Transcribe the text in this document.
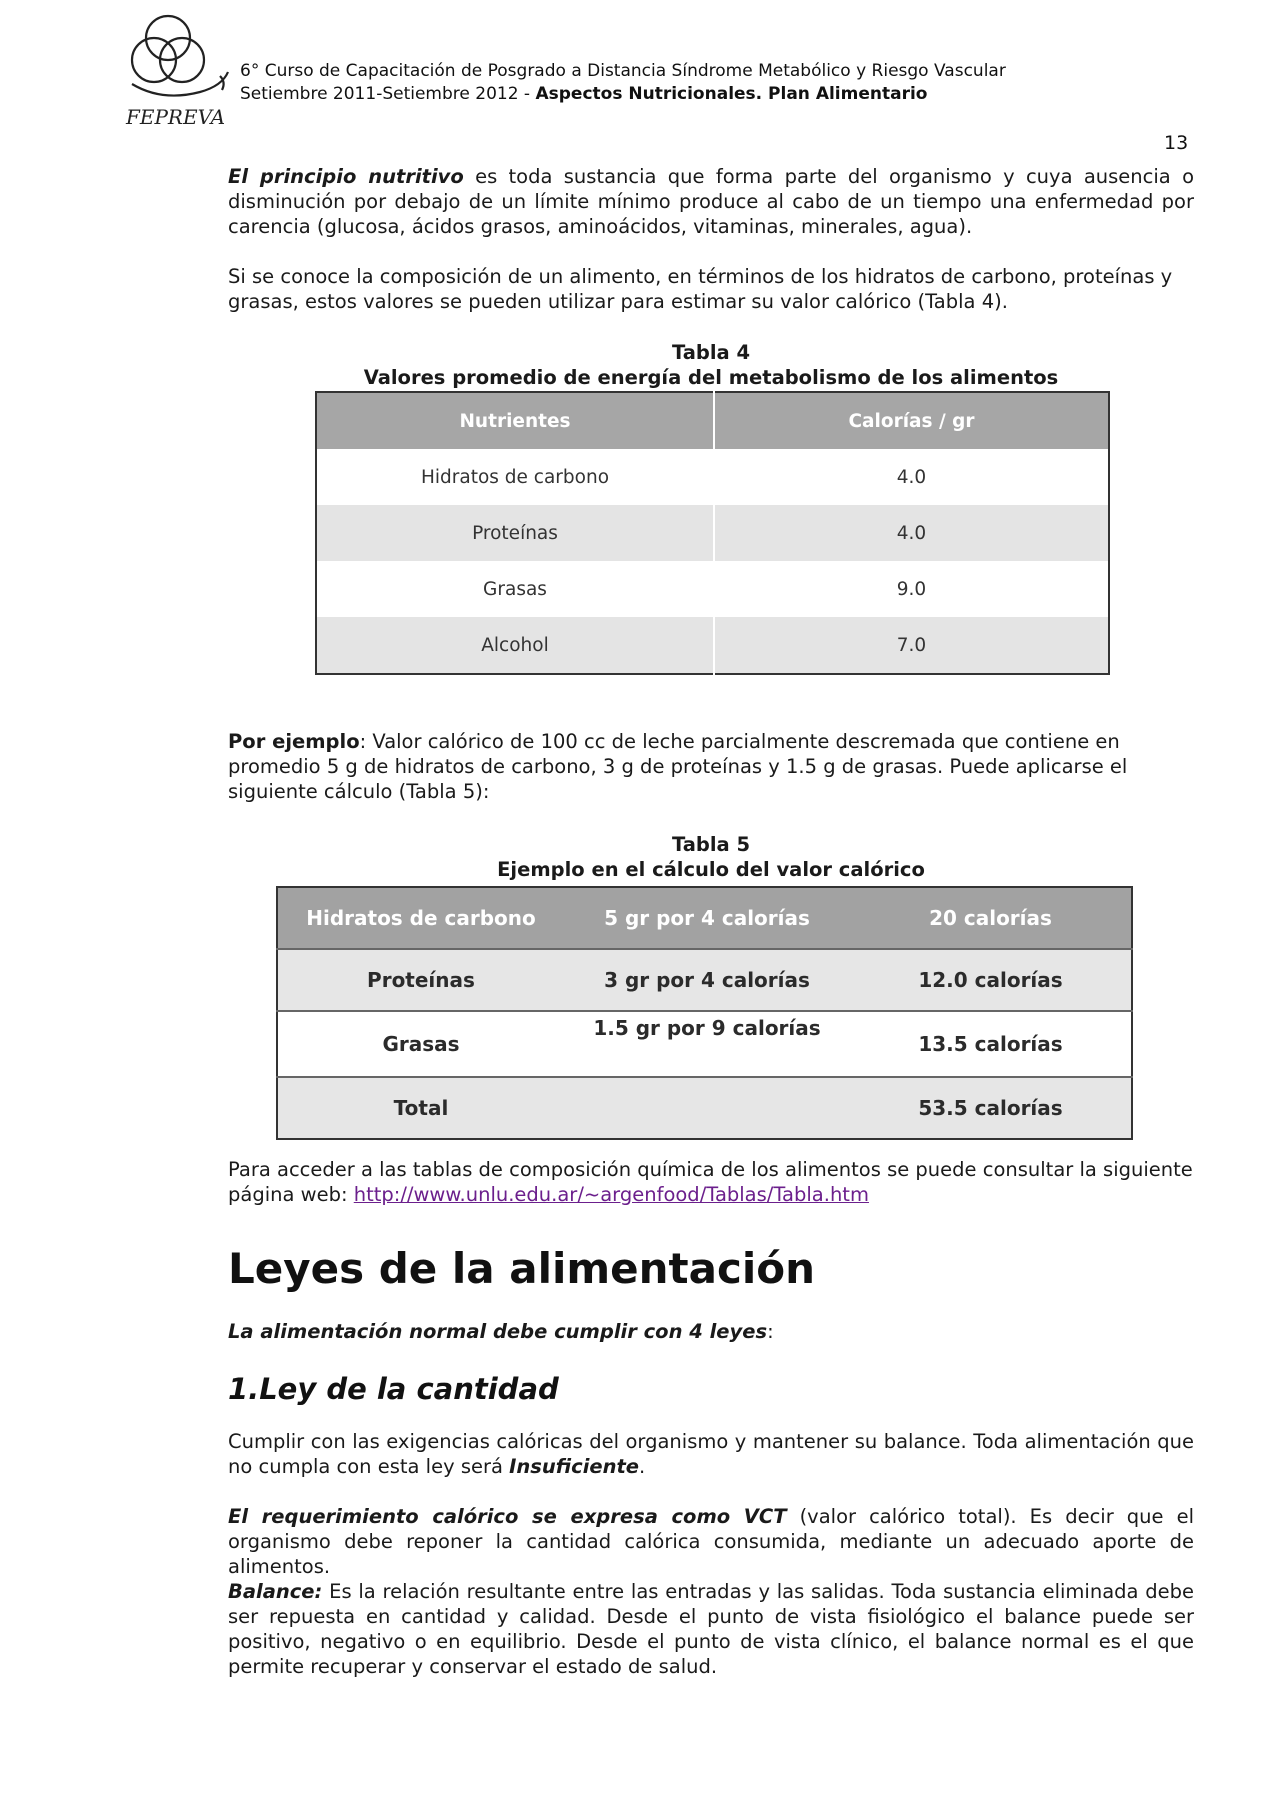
FEPREVA
6° Curso de Capacitación de Posgrado a Distancia Síndrome Metabólico y Riesgo Vascular
Setiembre 2011-Setiembre 2012 - Aspectos Nutricionales. Plan Alimentario
13

El principio nutritivo es toda sustancia que forma parte del organismo y cuya ausencia o disminución por debajo de un límite mínimo produce al cabo de un tiempo una enfermedad por carencia (glucosa, ácidos grasos, aminoácidos, vitaminas, minerales, agua).

Si se conoce la composición de un alimento, en términos de los hidratos de carbono, proteínas y grasas, estos valores se pueden utilizar para estimar su valor calórico (Tabla 4).

Tabla 4
Valores promedio de energía del metabolismo de los alimentos
Nutrientes	Calorías / gr
Hidratos de carbono	4.0
Proteínas	4.0
Grasas	9.0
Alcohol	7.0

Por ejemplo: Valor calórico de 100 cc de leche parcialmente descremada que contiene en promedio 5 g de hidratos de carbono, 3 g de proteínas y 1.5 g de grasas. Puede aplicarse el siguiente cálculo (Tabla 5):

Tabla 5
Ejemplo en el cálculo del valor calórico
Hidratos de carbono	5 gr por 4 calorías	20 calorías
Proteínas	3 gr por 4 calorías	12.0 calorías
Grasas	1.5 gr por 9 calorías	13.5 calorías
Total		53.5 calorías

Para acceder a las tablas de composición química de los alimentos se puede consultar la siguiente página web: http://www.unlu.edu.ar/~argenfood/Tablas/Tabla.htm

Leyes de la alimentación

La alimentación normal debe cumplir con 4 leyes:

1.Ley de la cantidad

Cumplir con las exigencias calóricas del organismo y mantener su balance. Toda alimentación que no cumpla con esta ley será Insuficiente.

El requerimiento calórico se expresa como VCT (valor calórico total). Es decir que el organismo debe reponer la cantidad calórica consumida, mediante un adecuado aporte de alimentos.

Balance: Es la relación resultante entre las entradas y las salidas. Toda sustancia eliminada debe ser repuesta en cantidad y calidad. Desde el punto de vista fisiológico el balance puede ser positivo, negativo o en equilibrio. Desde el punto de vista clínico, el balance normal es el que permite recuperar y conservar el estado de salud.
